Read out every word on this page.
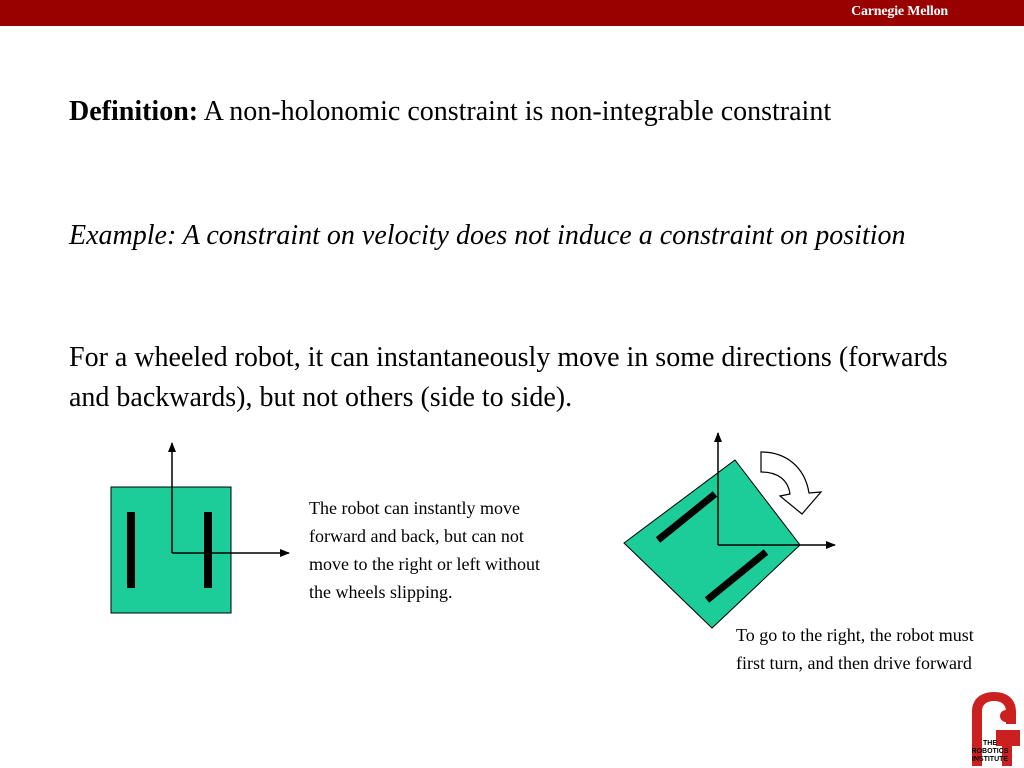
Carnegie Mellon

Definition: A non-holonomic constraint is non-integrable constraint

Example: A constraint on velocity does not induce a constraint on position

For a wheeled robot, it can instantaneously move in some directions (forwards and backwards), but not others (side to side).

The robot can instantly move forward and back, but can not move to the right or left without the wheels slipping.
To go to the right, the robot must first turn, and then drive forward
THE
ROBOTICS
INSTITUTE
